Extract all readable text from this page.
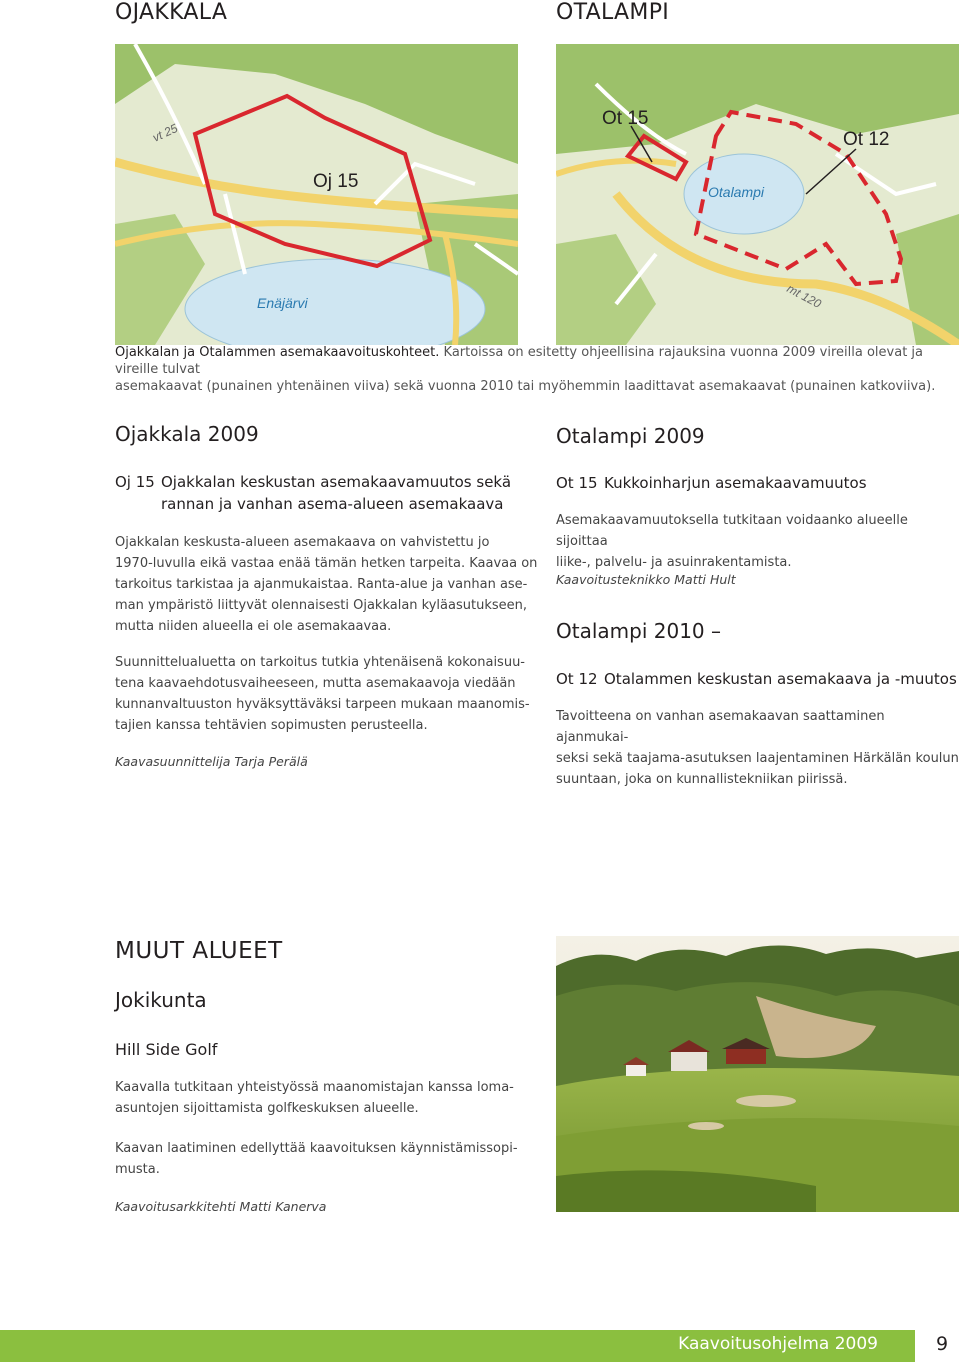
OJAKKALA	OTALAMPI
vt 25
Oj 15
Enäjärvi
Ot 15
Ot 12
Otalampi
mt 120
Ojakkalan ja Otalammen asemakaavoituskohteet. Kartoissa on esitetty ohjeellisina rajauksina vuonna 2009 vireilla olevat ja vireille tulvat
asemakaavat (punainen yhtenäinen viiva) sekä vuonna 2010 tai myöhemmin laadittavat asemakaavat (punainen katkoviiva).
Ojakkala 2009
Oj 15 Ojakkalan keskustan asemakaavamuutos sekä
rannan ja vanhan asema-alueen asemakaava
Ojakkalan keskusta-alueen asemakaava on vahvistettu jo
1970-luvulla eikä vastaa enää tämän hetken tarpeita. Kaavaa on
tarkoitus tarkistaa ja ajanmukaistaa. Ranta-alue ja vanhan ase-
man ympäristö liittyvät olennaisesti Ojakkalan kyläasutukseen,
mutta niiden alueella ei ole asemakaavaa.
Suunnittelualuetta on tarkoitus tutkia yhtenäisenä kokonaisuu-
tena kaavaehdotusvaiheeseen, mutta asemakaavoja viedään
kunnanvaltuuston hyväksyttäväksi tarpeen mukaan maanomis-
tajien kanssa tehtävien sopimusten perusteella.
Kaavasuunnittelija Tarja Perälä
Otalampi 2009
Ot 15 Kukkoinharjun asemakaavamuutos
Asemakaavamuutoksella tutkitaan voidaanko alueelle sijoittaa
liike-, palvelu- ja asuinrakentamista.
Kaavoitusteknikko Matti Hult
Otalampi 2010 –
Ot 12 Otalammen keskustan asemakaava ja -muutos
Tavoitteena on vanhan asemakaavan saattaminen ajanmukai-
seksi sekä taajama-asutuksen laajentaminen Härkälän koulun
suuntaan, joka on kunnallistekniikan piirissä.
MUUT ALUEET
Jokikunta
Hill Side Golf
Kaavalla tutkitaan yhteistyössä maanomistajan kanssa loma-
asuntojen sijoittamista golfkeskuksen alueelle.
Kaavan laatiminen edellyttää kaavoituksen käynnistämissopi-
musta.
Kaavoitusarkkitehti Matti Kanerva
Kaavoitusohjelma 2009	9
